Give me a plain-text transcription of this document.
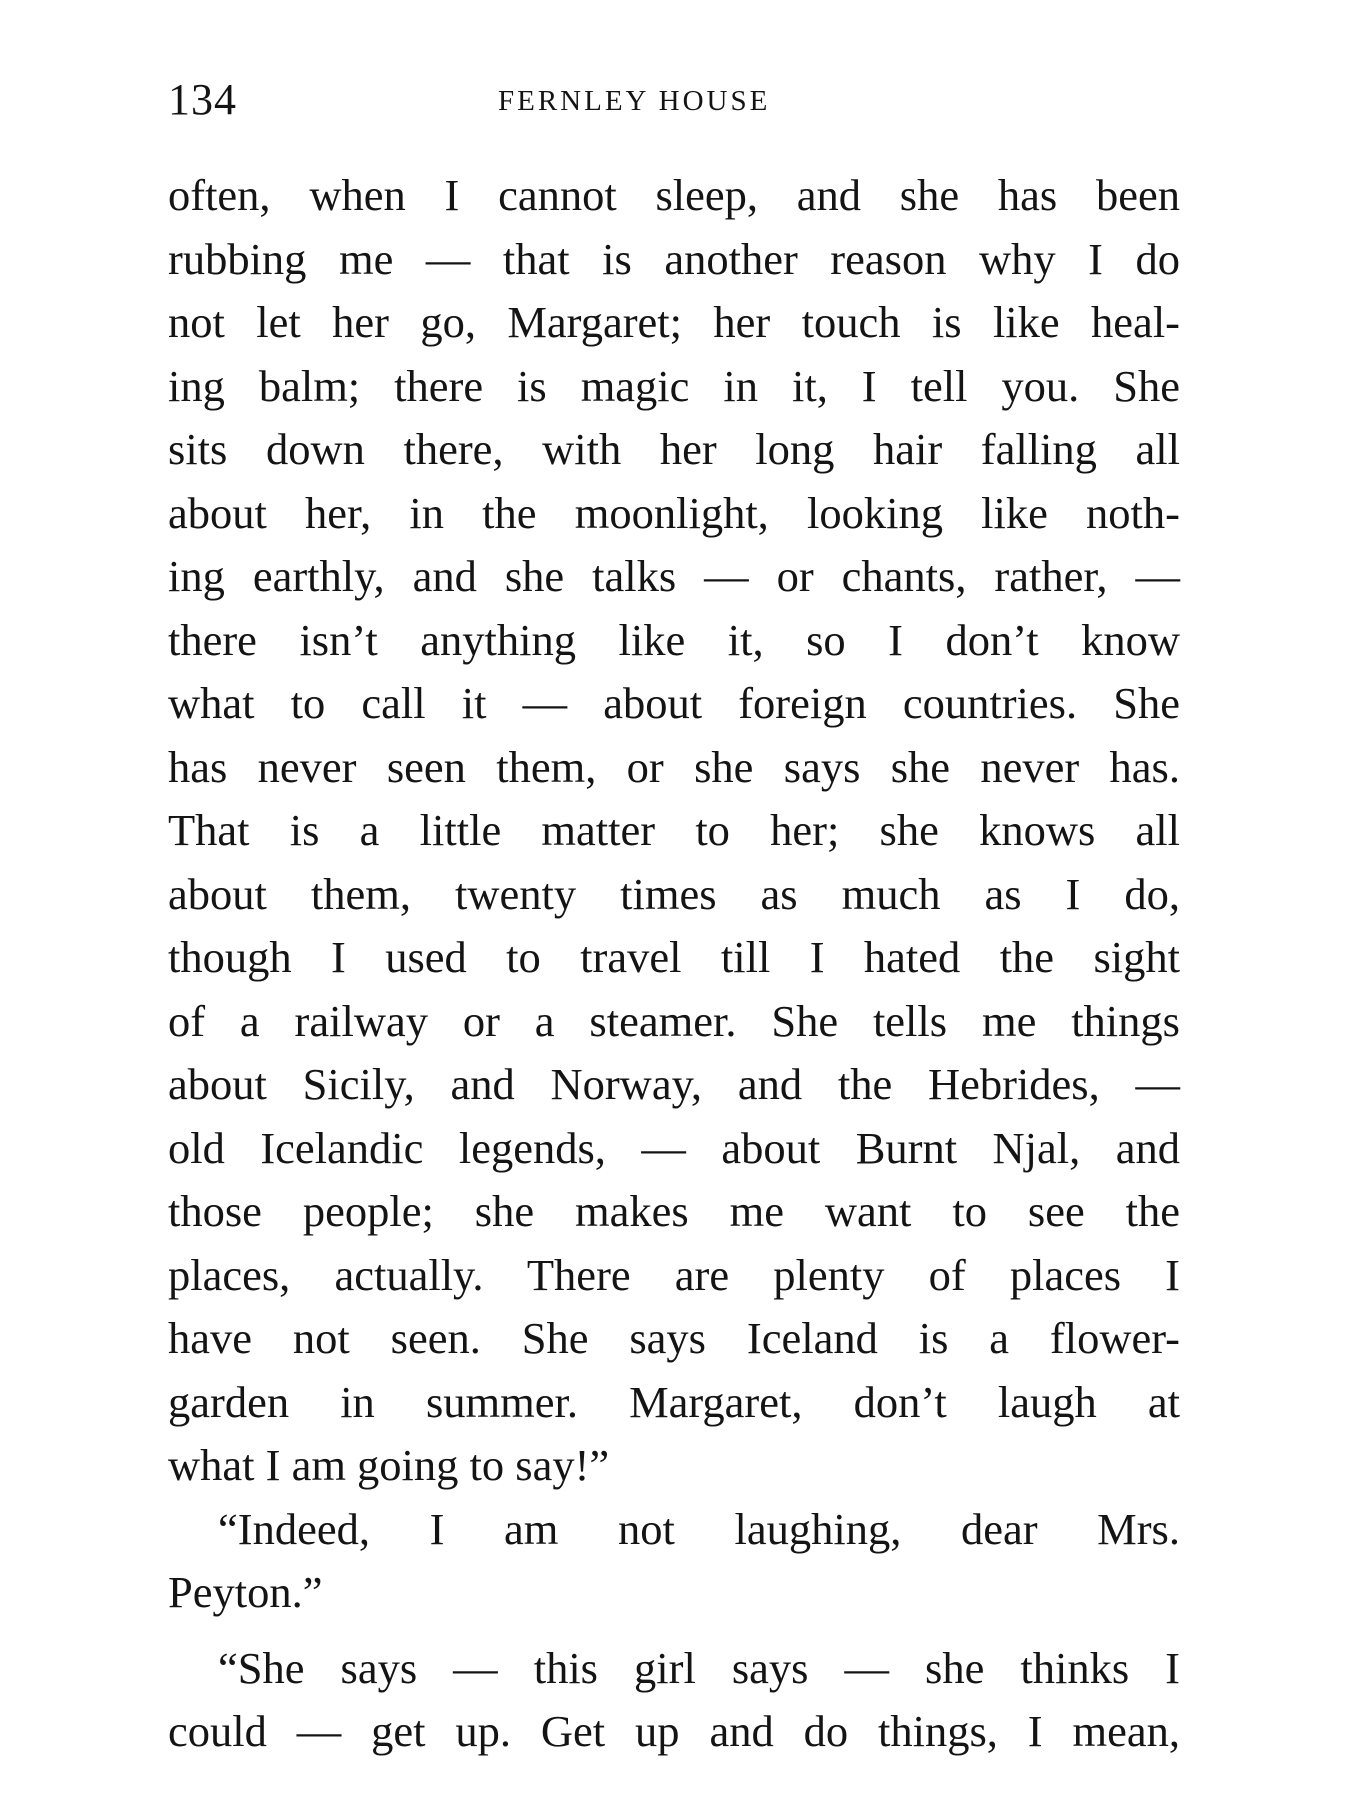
134	FERNLEY HOUSE
often, when I cannot sleep, and she has been
rubbing me — that is another reason why I do
not let her go, Margaret; her touch is like heal-
ing balm; there is magic in it, I tell you. She
sits down there, with her long hair falling all
about her, in the moonlight, looking like noth-
ing earthly, and she talks — or chants, rather, —
there isn’t anything like it, so I don’t know
what to call it — about foreign countries. She
has never seen them, or she says she never has.
That is a little matter to her; she knows all
about them, twenty times as much as I do,
though I used to travel till I hated the sight
of a railway or a steamer. She tells me things
about Sicily, and Norway, and the Hebrides, —
old Icelandic legends, — about Burnt Njal, and
those people; she makes me want to see the
places, actually. There are plenty of places I
have not seen. She says Iceland is a flower-
garden in summer. Margaret, don’t laugh at
what I am going to say!”
“Indeed, I am not laughing, dear Mrs.
Peyton.”
“She says — this girl says — she thinks I
could — get up. Get up and do things, I mean,
